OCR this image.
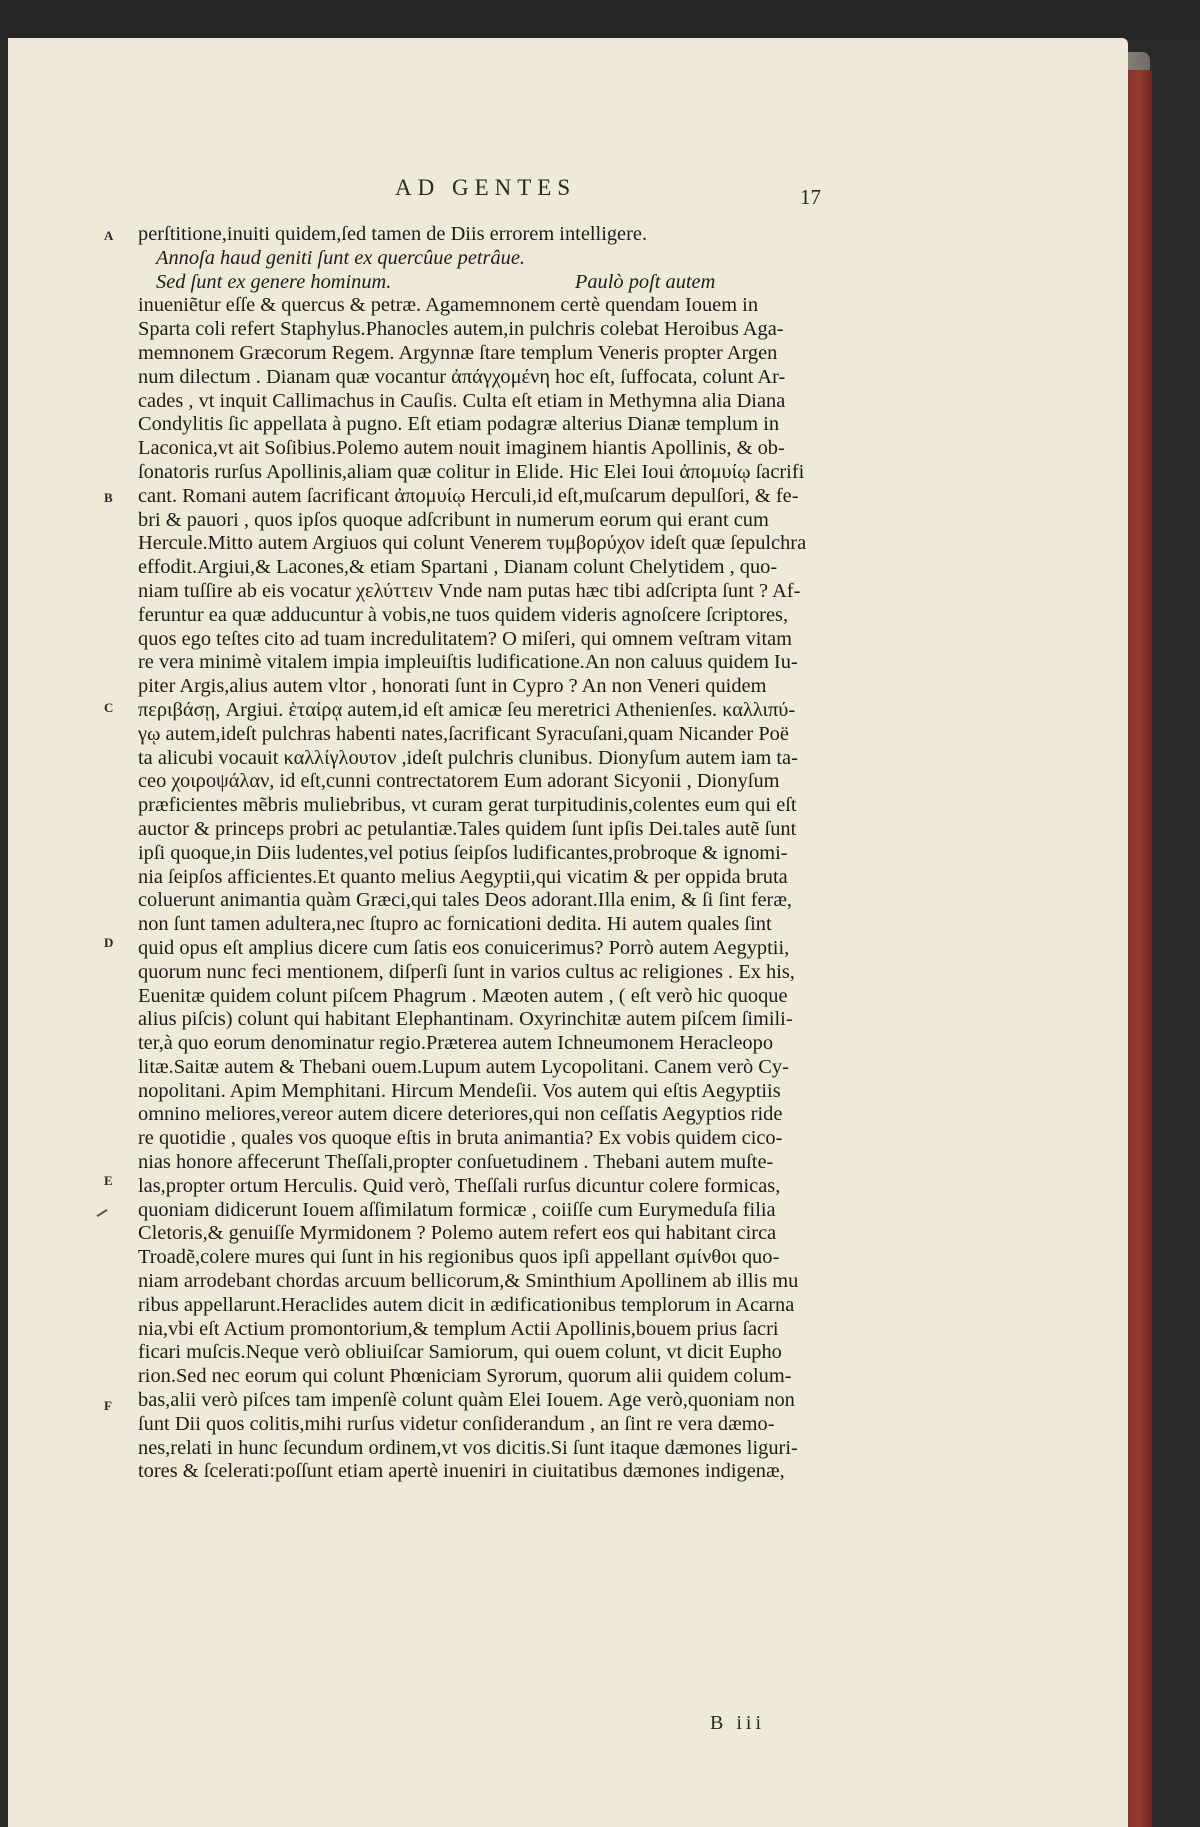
AD GENTES	17
A
B
C
D
E
F
perſtitione,inuiti quidem,ſed tamen de Diis errorem intelligere.
Annoſa haud geniti ſunt ex quercûue petrâue.
Sed ſunt ex genere hominum.                                    Paulò poſt autem
inueniẽtur eſſe & quercus & petræ. Agamemnonem certè quendam Iouem in
Sparta coli refert Staphylus.Phanocles autem,in pulchris colebat Heroibus Aga-
memnonem Græcorum Regem. Argynnæ ſtare templum Veneris propter Argen
num dilectum . Dianam quæ vocantur ἀπάγχομένη hoc eſt, ſuffocata, colunt Ar-
cades , vt inquit Callimachus in Cauſis. Culta eſt etiam in Methymna alia Diana
Condylitis ſic appellata à pugno. Eſt etiam podagræ alterius Dianæ templum in
Laconica,vt ait Soſibius.Polemo autem nouit imaginem hiantis Apollinis, & ob-
ſonatoris rurſus Apollinis,aliam quæ colitur in Elide. Hic Elei Ioui ἀπομυίῳ ſacrifi
cant. Romani autem ſacrificant ἀπομυίῳ Herculi,id eſt,muſcarum depulſori, & fe-
bri & pauori , quos ipſos quoque adſcribunt in numerum eorum qui erant cum
Hercule.Mitto autem Argiuos qui colunt Venerem τυμβορύχον ideſt quæ ſepulchra
effodit.Argiui,& Lacones,& etiam Spartani , Dianam colunt Chelytidem , quo-
niam tuſſire ab eis vocatur χελύττειν Vnde nam putas hæc tibi adſcripta ſunt ? Af-
feruntur ea quæ adducuntur à vobis,ne tuos quidem videris agnoſcere ſcriptores,
quos ego teſtes cito ad tuam incredulitatem? O miſeri, qui omnem veſtram vitam
re vera minimè vitalem impia impleuiſtis ludificatione.An non caluus quidem Iu-
piter Argis,alius autem vltor , honorati ſunt in Cypro ? An non Veneri quidem
περιβάσῃ, Argiui. ἑταίρᾳ autem,id eſt amicæ ſeu meretrici Athenienſes. καλλιπύ-
γῳ autem,ideſt pulchras habenti nates,ſacrificant Syracuſani,quam Nicander Poë
ta alicubi vocauit καλλίγλουτον ,ideſt pulchris clunibus. Dionyſum autem iam ta-
ceo χοιροψάλαν, id eſt,cunni contrectatorem Eum adorant Sicyonii , Dionyſum
præficientes mẽbris muliebribus, vt curam gerat turpitudinis,colentes eum qui eſt
auctor & princeps probri ac petulantiæ.Tales quidem ſunt ipſis Dei.tales autẽ ſunt
ipſi quoque,in Diis ludentes,vel potius ſeipſos ludificantes,probroque & ignomi-
nia ſeipſos afficientes.Et quanto melius Aegyptii,qui vicatim & per oppida bruta
coluerunt animantia quàm Græci,qui tales Deos adorant.Illa enim, & ſi ſint feræ,
non ſunt tamen adultera,nec ſtupro ac fornicationi dedita. Hi autem quales ſint
quid opus eſt amplius dicere cum ſatis eos conuicerimus? Porrò autem Aegyptii,
quorum nunc feci mentionem, diſperſi ſunt in varios cultus ac religiones . Ex his,
Euenitæ quidem colunt piſcem Phagrum . Mæoten autem , ( eſt verò hic quoque
alius piſcis) colunt qui habitant Elephantinam. Oxyrinchitæ autem piſcem ſimili-
ter,à quo eorum denominatur regio.Præterea autem Ichneumonem Heracleopo
litæ.Saitæ autem & Thebani ouem.Lupum autem Lycopolitani. Canem verò Cy-
nopolitani. Apim Memphitani. Hircum Mendeſii. Vos autem qui eſtis Aegyptiis
omnino meliores,vereor autem dicere deteriores,qui non ceſſatis Aegyptios ride
re quotidie , quales vos quoque eſtis in bruta animantia? Ex vobis quidem cico-
nias honore affecerunt Theſſali,propter conſuetudinem . Thebani autem muſte-
las,propter ortum Herculis. Quid verò, Theſſali rurſus dicuntur colere formicas,
quoniam didicerunt Iouem aſſimilatum formicæ , coiiſſe cum Eurymeduſa filia
Cletoris,& genuiſſe Myrmidonem ? Polemo autem refert eos qui habitant circa
Troadẽ,colere mures qui ſunt in his regionibus quos ipſi appellant σμίνθοι quo-
niam arrodebant chordas arcuum bellicorum,& Sminthium Apollinem ab illis mu
ribus appellarunt.Heraclides autem dicit in ædificationibus templorum in Acarna
nia,vbi eſt Actium promontorium,& templum Actii Apollinis,bouem prius ſacri
ficari muſcis.Neque verò obliuiſcar Samiorum, qui ouem colunt, vt dicit Eupho
rion.Sed nec eorum qui colunt Phœniciam Syrorum, quorum alii quidem colum-
bas,alii verò piſces tam impenſè colunt quàm Elei Iouem. Age verò,quoniam non
ſunt Dii quos colitis,mihi rurſus videtur conſiderandum , an ſint re vera dæmo-
nes,relati in hunc ſecundum ordinem,vt vos dicitis.Si ſunt itaque dæmones liguri-
tores & ſcelerati:poſſunt etiam apertè inueniri in ciuitatibus dæmones indigenæ,
B iii
